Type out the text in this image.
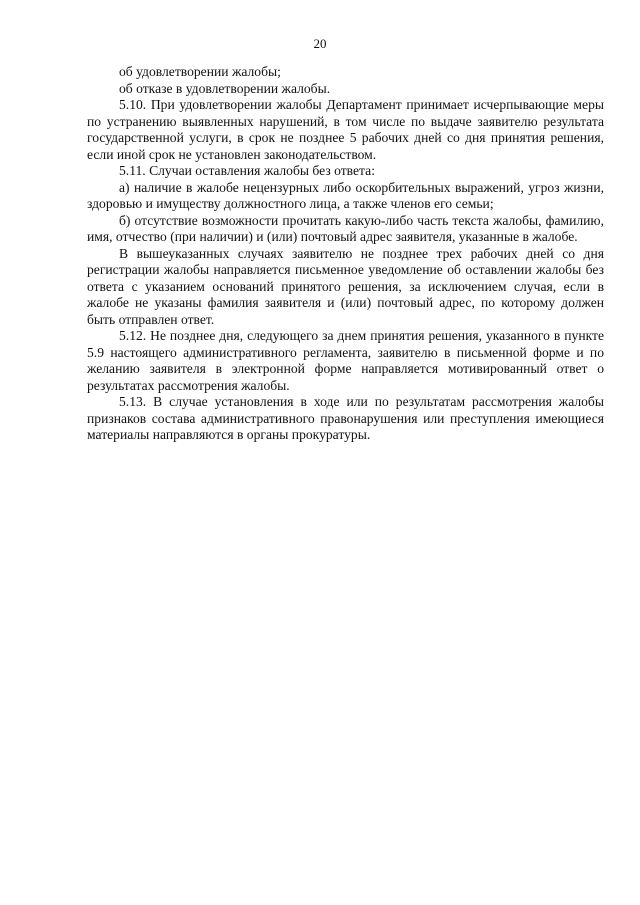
20

об удовлетворении жалобы;

об отказе в удовлетворении жалобы.

5.10. При удовлетворении жалобы Департамент принимает исчерпывающие меры по устранению выявленных нарушений, в том числе по выдаче заявителю результата государственной услуги, в срок не позднее 5 рабочих дней со дня принятия решения, если иной срок не установлен законодательством.

5.11. Случаи оставления жалобы без ответа:

а) наличие в жалобе нецензурных либо оскорбительных выражений, угроз жизни, здоровью и имуществу должностного лица, а также членов его семьи;

б) отсутствие возможности прочитать какую-либо часть текста жалобы, фамилию, имя, отчество (при наличии) и (или) почтовый адрес заявителя, указанные в жалобе.

В вышеуказанных случаях заявителю не позднее трех рабочих дней со дня регистрации жалобы направляется письменное уведомление об оставлении жалобы без ответа с указанием оснований принятого решения, за исключением случая, если в жалобе не указаны фамилия заявителя и (или) почтовый адрес, по которому должен быть отправлен ответ.

5.12. Не позднее дня, следующего за днем принятия решения, указанного в пункте 5.9 настоящего административного регламента, заявителю в письменной форме и по желанию заявителя в электронной форме направляется мотивированный ответ о результатах рассмотрения жалобы.

5.13. В случае установления в ходе или по результатам рассмотрения жалобы признаков состава административного правонарушения или преступления имеющиеся материалы направляются в органы прокуратуры.
